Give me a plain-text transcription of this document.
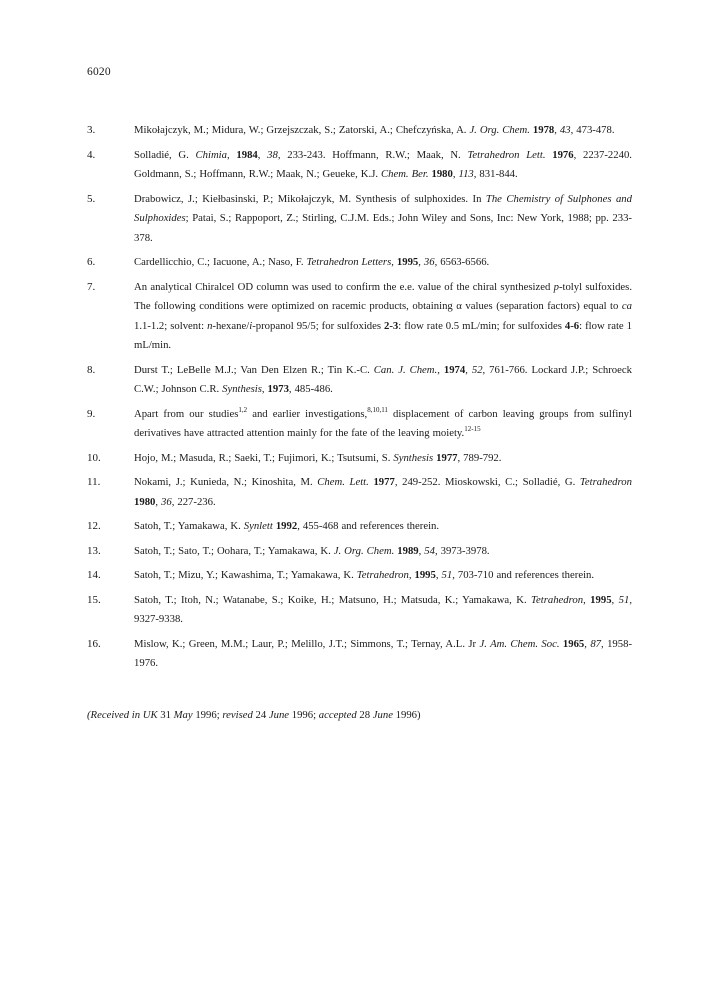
6020
3.	Mikołajczyk, M.; Midura, W.; Grzejszczak, S.; Zatorski, A.; Chefczyńska, A. J. Org. Chem. 1978, 43, 473-478.
4.	Solladié, G. Chimia, 1984, 38, 233-243. Hoffmann, R.W.; Maak, N. Tetrahedron Lett. 1976, 2237-2240. Goldmann, S.; Hoffmann, R.W.; Maak, N.; Geueke, K.J. Chem. Ber. 1980, 113, 831-844.
5.	Drabowicz, J.; Kiełbasinski, P.; Mikołajczyk, M. Synthesis of sulphoxides. In The Chemistry of Sulphones and Sulphoxides; Patai, S.; Rappoport, Z.; Stirling, C.J.M. Eds.; John Wiley and Sons, Inc: New York, 1988; pp. 233-378.
6.	Cardellicchio, C.; Iacuone, A.; Naso, F. Tetrahedron Letters, 1995, 36, 6563-6566.
7.	An analytical Chiralcel OD column was used to confirm the e.e. value of the chiral synthesized p-tolyl sulfoxides. The following conditions were optimized on racemic products, obtaining α values (separation factors) equal to ca 1.1-1.2; solvent: n-hexane/i-propanol 95/5; for sulfoxides 2-3: flow rate 0.5 mL/min; for sulfoxides 4-6: flow rate 1 mL/min.
8.	Durst T.; LeBelle M.J.; Van Den Elzen R.; Tin K.-C. Can. J. Chem., 1974, 52, 761-766. Lockard J.P.; Schroeck C.W.; Johnson C.R. Synthesis, 1973, 485-486.
9.	Apart from our studies$^{1,2}$ and earlier investigations,$^{8,10,11}$ displacement of carbon leaving groups from sulfinyl derivatives have attracted attention mainly for the fate of the leaving moiety.$^{12-15}$
10.	Hojo, M.; Masuda, R.; Saeki, T.; Fujimori, K.; Tsutsumi, S. Synthesis 1977, 789-792.
11.	Nokami, J.; Kunieda, N.; Kinoshita, M. Chem. Lett. 1977, 249-252. Mioskowski, C.; Solladié, G. Tetrahedron 1980, 36, 227-236.
12.	Satoh, T.; Yamakawa, K. Synlett 1992, 455-468 and references therein.
13.	Satoh, T.; Sato, T.; Oohara, T.; Yamakawa, K. J. Org. Chem. 1989, 54, 3973-3978.
14.	Satoh, T.; Mizu, Y.; Kawashima, T.; Yamakawa, K. Tetrahedron, 1995, 51, 703-710 and references therein.
15.	Satoh, T.; Itoh, N.; Watanabe, S.; Koike, H.; Matsuno, H.; Matsuda, K.; Yamakawa, K. Tetrahedron, 1995, 51, 9327-9338.
16.	Mislow, K.; Green, M.M.; Laur, P.; Melillo, J.T.; Simmons, T.; Ternay, A.L. Jr J. Am. Chem. Soc. 1965, 87, 1958-1976.
(Received in UK 31 May 1996; revised 24 June 1996; accepted 28 June 1996)
